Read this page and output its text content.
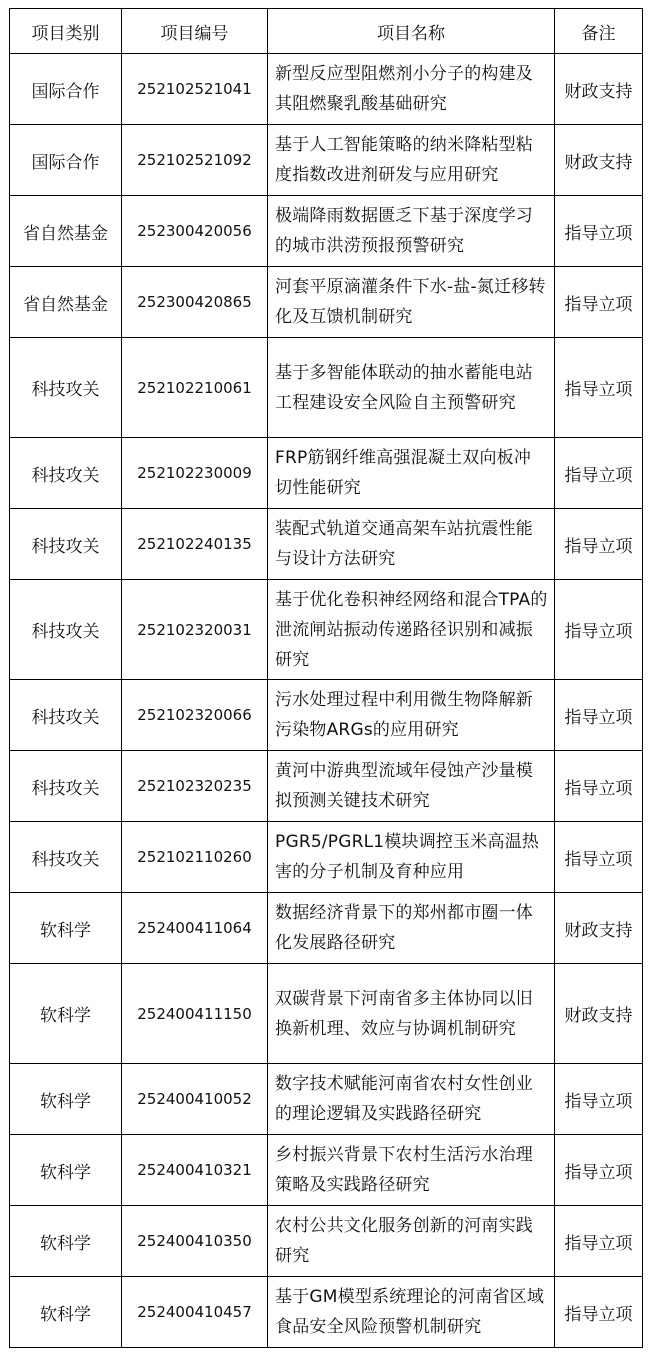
项目类别	项目编号	项目名称	备注
国际合作	252102521041	新型反应型阻燃剂小分子的构建及其阻燃聚乳酸基础研究	财政支持
国际合作	252102521092	基于人工智能策略的纳米降粘型粘度指数改进剂研发与应用研究	财政支持
省自然基金	252300420056	极端降雨数据匮乏下基于深度学习的城市洪涝预报预警研究	指导立项
省自然基金	252300420865	河套平原滴灌条件下水-盐-氮迁移转化及互馈机制研究	指导立项
科技攻关	252102210061	基于多智能体联动的抽水蓄能电站工程建设安全风险自主预警研究	指导立项
科技攻关	252102230009	FRP筋钢纤维高强混凝土双向板冲切性能研究	指导立项
科技攻关	252102240135	装配式轨道交通高架车站抗震性能与设计方法研究	指导立项
科技攻关	252102320031	基于优化卷积神经网络和混合TPA的泄流闸站振动传递路径识别和减振研究	指导立项
科技攻关	252102320066	污水处理过程中利用微生物降解新污染物ARGs的应用研究	指导立项
科技攻关	252102320235	黄河中游典型流域年侵蚀产沙量模拟预测关键技术研究	指导立项
科技攻关	252102110260	PGR5/PGRL1模块调控玉米高温热害的分子机制及育种应用	指导立项
软科学	252400411064	数据经济背景下的郑州都市圈一体化发展路径研究	财政支持
软科学	252400411150	双碳背景下河南省多主体协同以旧换新机理、效应与协调机制研究	财政支持
软科学	252400410052	数字技术赋能河南省农村女性创业的理论逻辑及实践路径研究	指导立项
软科学	252400410321	乡村振兴背景下农村生活污水治理策略及实践路径研究	指导立项
软科学	252400410350	农村公共文化服务创新的河南实践研究	指导立项
软科学	252400410457	基于GM模型系统理论的河南省区域食品安全风险预警机制研究	指导立项
